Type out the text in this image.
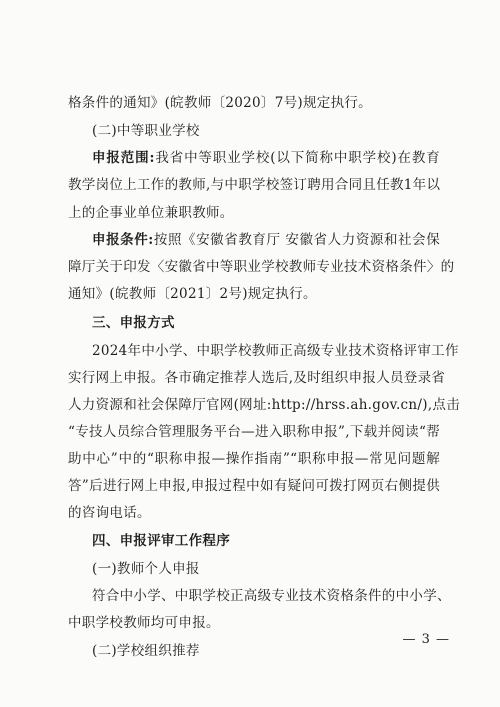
格条件的通知》(皖教师〔2020〕7号)规定执行。
(二)中等职业学校
申报范围:我省中等职业学校(以下简称中职学校)在教育
教学岗位上工作的教师,与中职学校签订聘用合同且任教1年以
上的企事业单位兼职教师。
申报条件:按照《安徽省教育厅 安徽省人力资源和社会保
障厅关于印发〈安徽省中等职业学校教师专业技术资格条件〉的
通知》(皖教师〔2021〕2号)规定执行。
三、申报方式
2024年中小学、中职学校教师正高级专业技术资格评审工作
实行网上申报。各市确定推荐人选后,及时组织申报人员登录省
人力资源和社会保障厅官网(网址:http://hrss.ah.gov.cn/),点击
“专技人员综合管理服务平台—进入职称申报”,下载并阅读“帮
助中心”中的“职称申报—操作指南”“职称申报—常见问题解
答”后进行网上申报,申报过程中如有疑问可拨打网页右侧提供
的咨询电话。
四、申报评审工作程序
(一)教师个人申报
符合中小学、中职学校正高级专业技术资格条件的中小学、
中职学校教师均可申报。
(二)学校组织推荐
— 3 —
